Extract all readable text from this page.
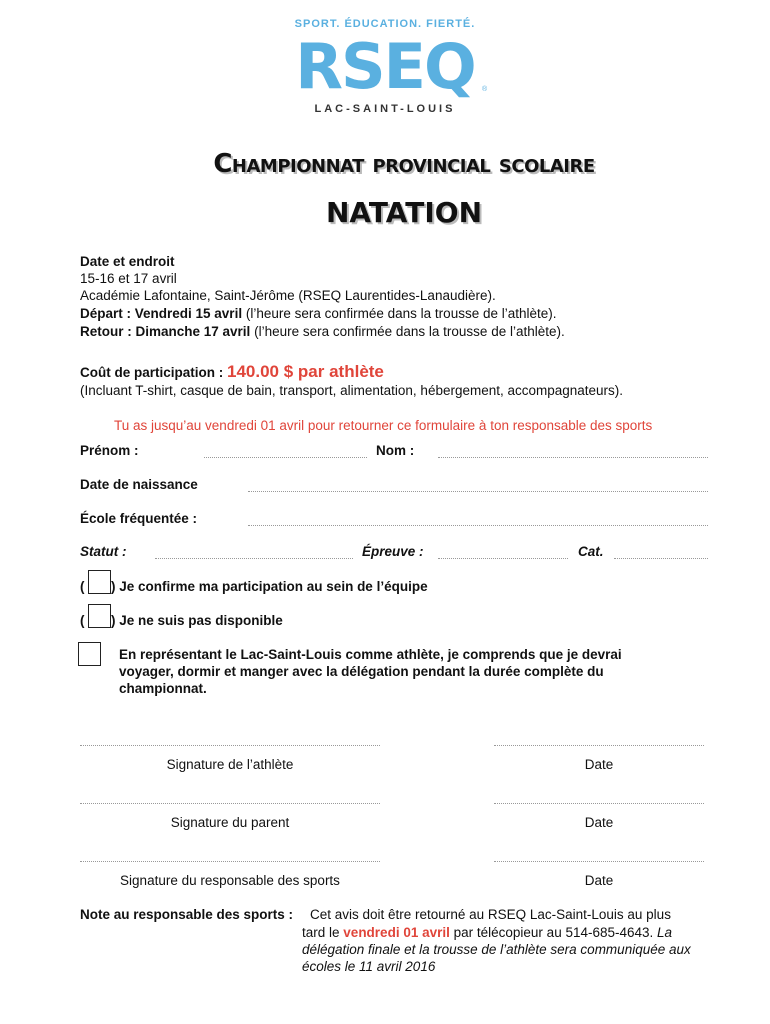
SPORT. ÉDUCATION. FIERTÉ.
RSEQ	®
LAC-SAINT-LOUIS
Championnat provincial scolaire
NATATION
Date et endroit
15-16 et 17 avril
Académie Lafontaine, Saint-Jérôme (RSEQ Laurentides-Lanaudière).
Départ : Vendredi 15 avril (l’heure sera confirmée dans la trousse de l’athlète).
Retour : Dimanche 17 avril (l’heure sera confirmée dans la trousse de l’athlète).
Coût de participation : 140.00 $ par athlète
(Incluant T-shirt, casque de bain, transport, alimentation, hébergement, accompagnateurs).
Tu as jusqu’au vendredi 01 avril pour retourner ce formulaire à ton responsable des sports
Prénom :	Nom :
Date de naissance
École fréquentée :
Statut :	Épreuve :	Cat.
( ) Je confirme ma participation au sein de l’équipe
( ) Je ne suis pas disponible
En représentant le Lac-Saint-Louis comme athlète, je comprends que je devrai
voyager, dormir et manger avec la délégation pendant la durée complète du
championnat.
Signature de l’athlète	Date
Signature du parent	Date
Signature du responsable des sports	Date
Note au responsable des sports : Cet avis doit être retourné au RSEQ Lac-Saint-Louis au plus
tard le vendredi 01 avril par télécopieur au 514-685-4643. La
délégation finale et la trousse de l’athlète sera communiquée aux
écoles le 11 avril 2016
